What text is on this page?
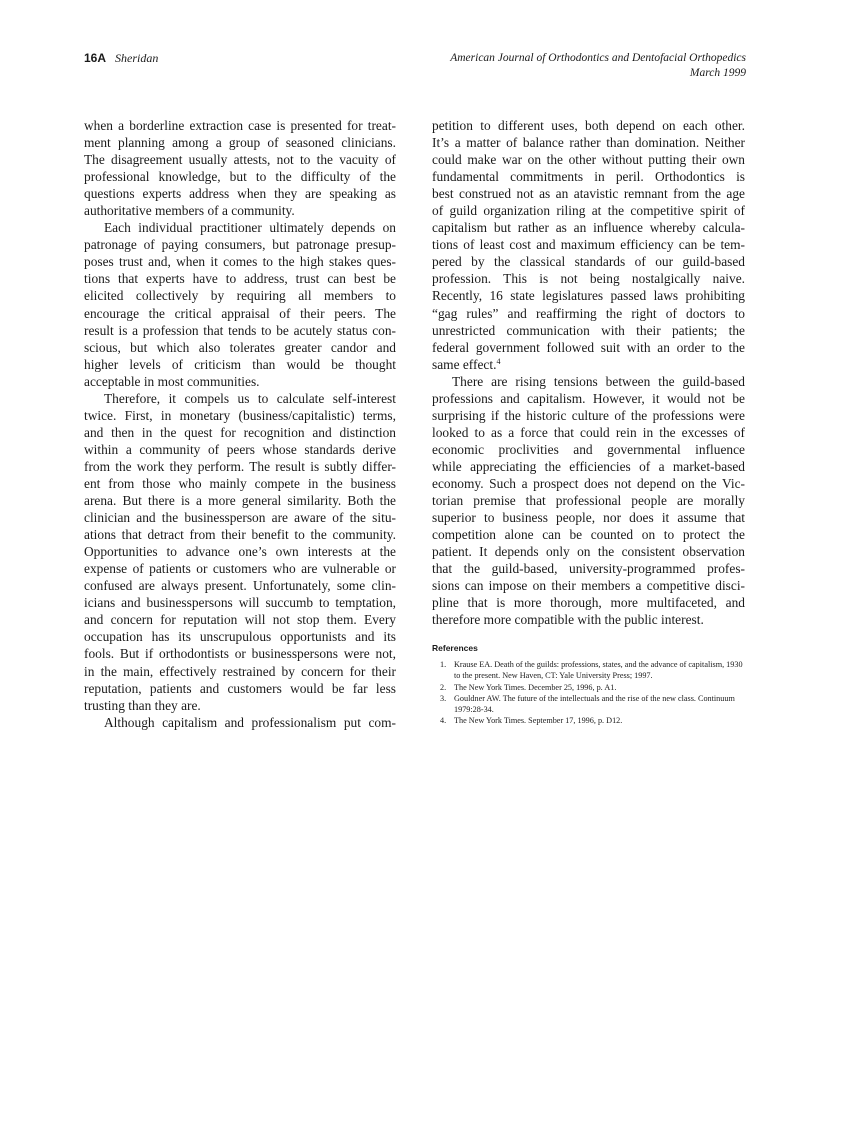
16A Sheridan	American Journal of Orthodontics and Dentofacial Orthopedics
March 1999
when a borderline extraction case is presented for treat-
ment planning among a group of seasoned clinicians.
The disagreement usually attests, not to the vacuity of
professional knowledge, but to the difficulty of the
questions experts address when they are speaking as
authoritative members of a community.
Each individual practitioner ultimately depends on
patronage of paying consumers, but patronage presup-
poses trust and, when it comes to the high stakes ques-
tions that experts have to address, trust can best be
elicited collectively by requiring all members to
encourage the critical appraisal of their peers. The
result is a profession that tends to be acutely status con-
scious, but which also tolerates greater candor and
higher levels of criticism than would be thought
acceptable in most communities.
Therefore, it compels us to calculate self-interest
twice. First, in monetary (business/capitalistic) terms,
and then in the quest for recognition and distinction
within a community of peers whose standards derive
from the work they perform. The result is subtly differ-
ent from those who mainly compete in the business
arena. But there is a more general similarity. Both the
clinician and the businessperson are aware of the situ-
ations that detract from their benefit to the community.
Opportunities to advance one’s own interests at the
expense of patients or customers who are vulnerable or
confused are always present. Unfortunately, some clin-
icians and businesspersons will succumb to temptation,
and concern for reputation will not stop them. Every
occupation has its unscrupulous opportunists and its
fools. But if orthodontists or businesspersons were not,
in the main, effectively restrained by concern for their
reputation, patients and customers would be far less
trusting than they are.
Although capitalism and professionalism put com-
petition to different uses, both depend on each other.
It’s a matter of balance rather than domination. Neither
could make war on the other without putting their own
fundamental commitments in peril. Orthodontics is
best construed not as an atavistic remnant from the age
of guild organization riling at the competitive spirit of
capitalism but rather as an influence whereby calcula-
tions of least cost and maximum efficiency can be tem-
pered by the classical standards of our guild-based
profession. This is not being nostalgically naive.
Recently, 16 state legislatures passed laws prohibiting
“gag rules” and reaffirming the right of doctors to
unrestricted communication with their patients; the
federal government followed suit with an order to the
same effect.$^4$
There are rising tensions between the guild-based
professions and capitalism. However, it would not be
surprising if the historic culture of the professions were
looked to as a force that could rein in the excesses of
economic proclivities and governmental influence
while appreciating the efficiencies of a market-based
economy. Such a prospect does not depend on the Vic-
torian premise that professional people are morally
superior to business people, nor does it assume that
competition alone can be counted on to protect the
patient. It depends only on the consistent observation
that the guild-based, university-programmed profes-
sions can impose on their members a competitive disci-
pline that is more thorough, more multifaceted, and
therefore more compatible with the public interest.
References
1. Krause EA. Death of the guilds: professions, states, and the advance of capitalism, 1930 to the present. New Haven, CT: Yale University Press; 1997.
2. The New York Times. December 25, 1996, p. A1.
3. Gouldner AW. The future of the intellectuals and the rise of the new class. Continuum 1979:28-34.
4. The New York Times. September 17, 1996, p. D12.
